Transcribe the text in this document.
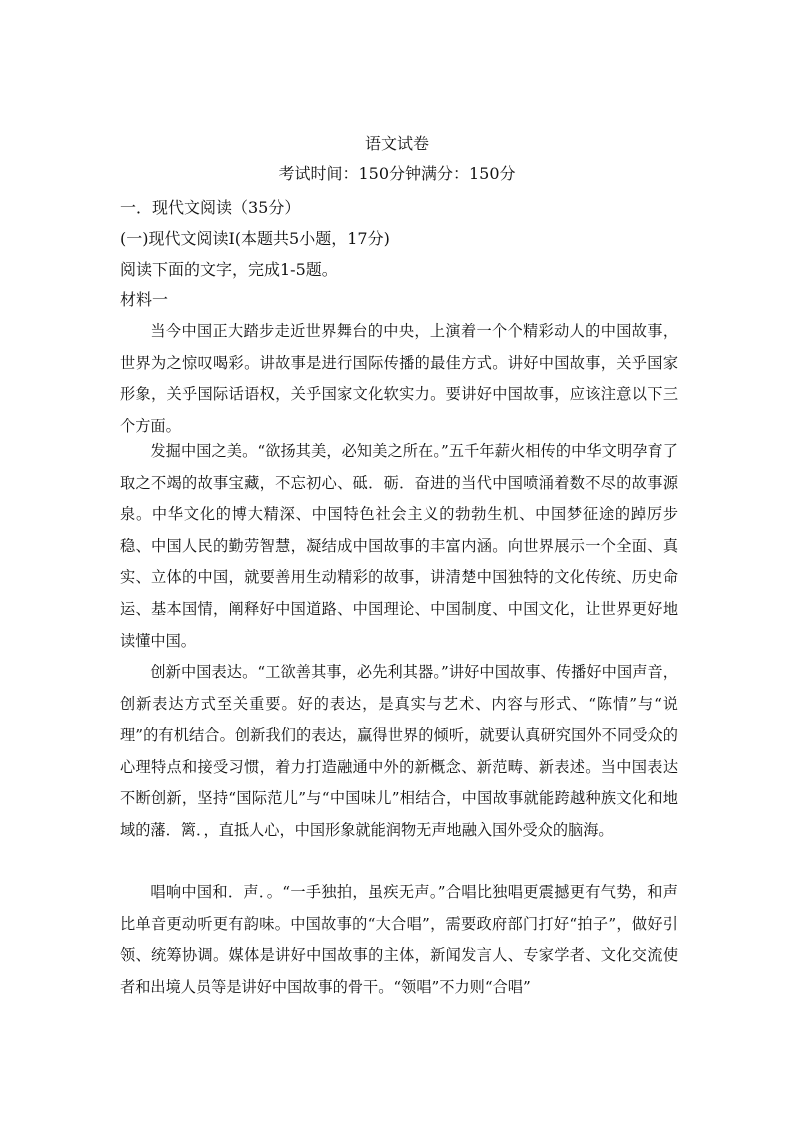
语文试卷
考试时间：150分钟满分：150分
一．现代文阅读（35分）
(一)现代文阅读Ⅰ(本题共5小题，17分)
阅读下面的文字，完成1-5题。
材料一

当今中国正大踏步走近世界舞台的中央，上演着一个个精彩动人的中国故事，世界为之惊叹喝彩。讲故事是进行国际传播的最佳方式。讲好中国故事，关乎国家形象，关乎国际话语权，关乎国家文化软实力。要讲好中国故事，应该注意以下三个方面。

发掘中国之美。“欲扬其美，必知美之所在。”五千年薪火相传的中华文明孕育了取之不竭的故事宝藏，不忘初心、砥．砺．奋进的当代中国喷涌着数不尽的故事源泉。中华文化的博大精深、中国特色社会主义的勃勃生机、中国梦征途的踔厉步稳、中国人民的勤劳智慧，凝结成中国故事的丰富内涵。向世界展示一个全面、真实、立体的中国，就要善用生动精彩的故事，讲清楚中国独特的文化传统、历史命运、基本国情，阐释好中国道路、中国理论、中国制度、中国文化，让世界更好地读懂中国。

创新中国表达。“工欲善其事，必先利其器。”讲好中国故事、传播好中国声音，创新表达方式至关重要。好的表达，是真实与艺术、内容与形式、“陈情”与“说理”的有机结合。创新我们的表达，赢得世界的倾听，就要认真研究国外不同受众的心理特点和接受习惯，着力打造融通中外的新概念、新范畴、新表述。当中国表达不断创新，坚持“国际范儿”与“中国味儿”相结合，中国故事就能跨越种族文化和地域的藩．篱．，直抵人心，中国形象就能润物无声地融入国外受众的脑海。

唱响中国和．声．。“一手独拍，虽疾无声。”合唱比独唱更震撼更有气势，和声比单音更动听更有韵味。中国故事的“大合唱”，需要政府部门打好“拍子”，做好引领、统筹协调。媒体是讲好中国故事的主体，新闻发言人、专家学者、文化交流使者和出境人员等是讲好中国故事的骨干。“领唱”不力则“合唱”
